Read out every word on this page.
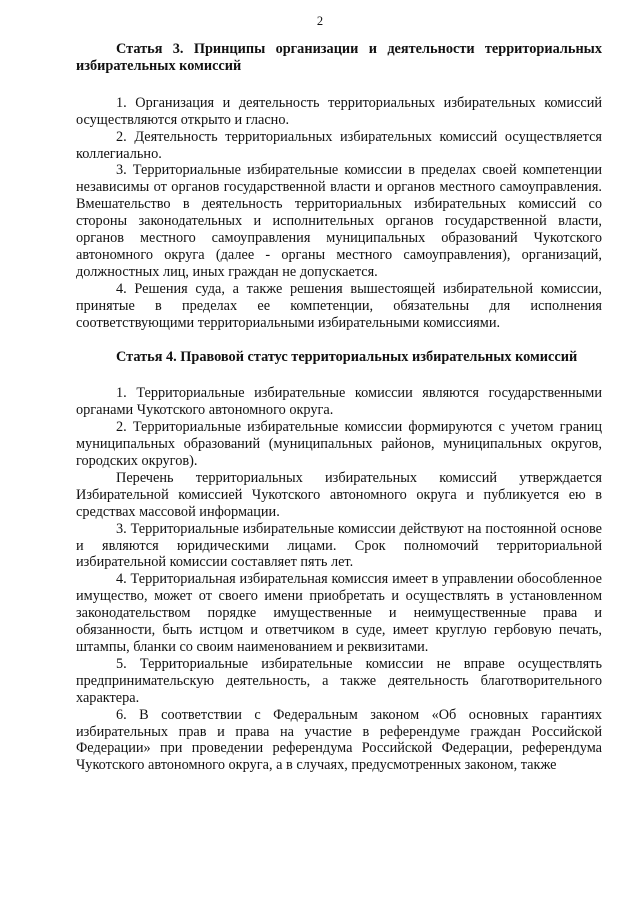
2

Статья 3. Принципы организации и деятельности территориальных избирательных комиссий

1. Организация и деятельность территориальных избирательных комиссий осуществляются открыто и гласно.

2. Деятельность территориальных избирательных комиссий осуществляется коллегиально.

3. Территориальные избирательные комиссии в пределах своей компетенции независимы от органов государственной власти и органов местного самоуправления. Вмешательство в деятельность территориальных избирательных комиссий со стороны законодательных и исполнительных органов государственной власти, органов местного самоуправления муниципальных образований Чукотского автономного округа (далее - органы местного самоуправления), организаций, должностных лиц, иных граждан не допускается.

4. Решения суда, а также решения вышестоящей избирательной комиссии, принятые в пределах ее компетенции, обязательны для исполнения соответствующими территориальными избирательными комиссиями.

Статья 4. Правовой статус территориальных избирательных комиссий

1. Территориальные избирательные комиссии являются государственными органами Чукотского автономного округа.

2. Территориальные избирательные комиссии формируются с учетом границ муниципальных образований (муниципальных районов, муниципальных округов, городских округов).

Перечень территориальных избирательных комиссий утверждается Избирательной комиссией Чукотского автономного округа и публикуется ею в средствах массовой информации.

3. Территориальные избирательные комиссии действуют на постоянной основе и являются юридическими лицами. Срок полномочий территориальной избирательной комиссии составляет пять лет.

4. Территориальная избирательная комиссия имеет в управлении обособленное имущество, может от своего имени приобретать и осуществлять в установленном законодательством порядке имущественные и неимущественные права и обязанности, быть истцом и ответчиком в суде, имеет круглую гербовую печать, штампы, бланки со своим наименованием и реквизитами.

5. Территориальные избирательные комиссии не вправе осуществлять предпринимательскую деятельность, а также деятельность благотворительного характера.

6. В соответствии с Федеральным законом «Об основных гарантиях избирательных прав и права на участие в референдуме граждан Российской Федерации» при проведении референдума Российской Федерации, референдума Чукотского автономного округа, а в случаях, предусмотренных законом, также
